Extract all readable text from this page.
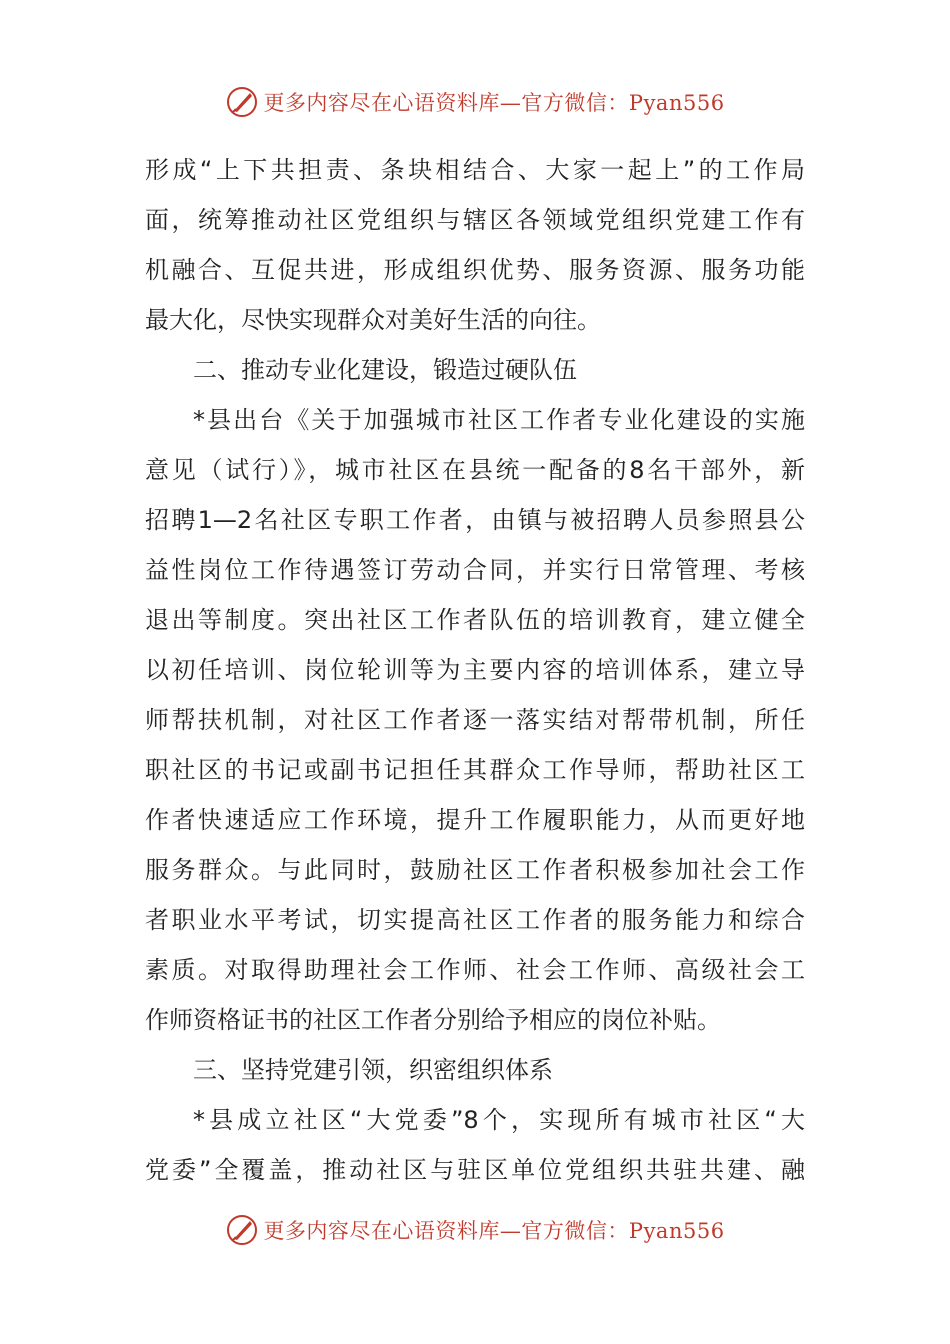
更多内容尽在心语资料库—官方微信：Pyan556
形成“上下共担责、条块相结合、大家一起上”的工作局
面，统筹推动社区党组织与辖区各领域党组织党建工作有
机融合、互促共进，形成组织优势、服务资源、服务功能
最大化，尽快实现群众对美好生活的向往。
二、推动专业化建设，锻造过硬队伍
*县出台《关于加强城市社区工作者专业化建设的实施
意见（试行）》，城市社区在县统一配备的8名干部外，新
招聘1—2名社区专职工作者，由镇与被招聘人员参照县公
益性岗位工作待遇签订劳动合同，并实行日常管理、考核
退出等制度。突出社区工作者队伍的培训教育，建立健全
以初任培训、岗位轮训等为主要内容的培训体系，建立导
师帮扶机制，对社区工作者逐一落实结对帮带机制，所任
职社区的书记或副书记担任其群众工作导师，帮助社区工
作者快速适应工作环境，提升工作履职能力，从而更好地
服务群众。与此同时，鼓励社区工作者积极参加社会工作
者职业水平考试，切实提高社区工作者的服务能力和综合
素质。对取得助理社会工作师、社会工作师、高级社会工
作师资格证书的社区工作者分别给予相应的岗位补贴。
三、坚持党建引领，织密组织体系
*县成立社区“大党委”8个，实现所有城市社区“大
党委”全覆盖，推动社区与驻区单位党组织共驻共建、融
更多内容尽在心语资料库—官方微信：Pyan556
